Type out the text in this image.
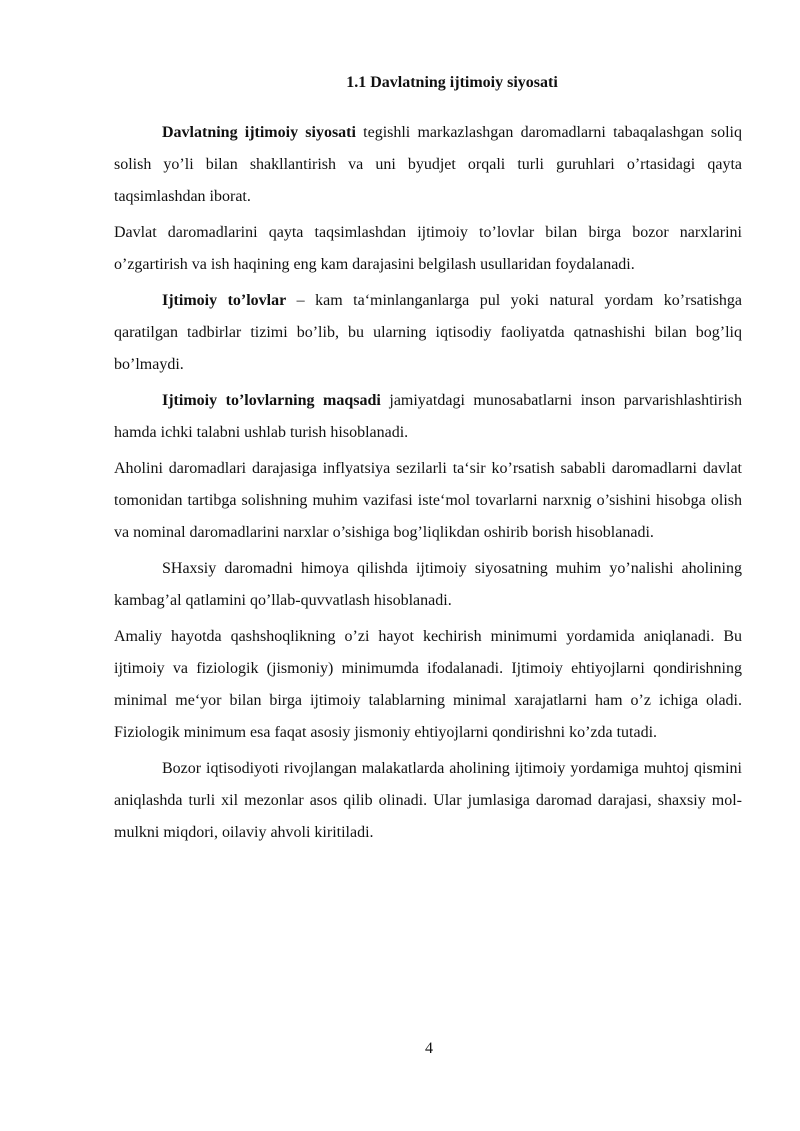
1.1 Davlatning ijtimoiy siyosati

Davlatning ijtimoiy siyosati tegishli markazlashgan daromadlarni tabaqalashgan soliq solish yo’li bilan shakllantirish va uni byudjet orqali turli guruhlari o’rtasidagi qayta taqsimlashdan iborat.

Davlat daromadlarini qayta taqsimlashdan ijtimoiy to’lovlar bilan birga bozor narxlarini o’zgartirish va ish haqining eng kam darajasini belgilash usullaridan foydalanadi.

Ijtimoiy to’lovlar – kam ta‘minlanganlarga pul yoki natural yordam ko’rsatishga qaratilgan tadbirlar tizimi bo’lib, bu ularning iqtisodiy faoliyatda qatnashishi bilan bog’liq bo’lmaydi.

Ijtimoiy to’lovlarning maqsadi jamiyatdagi munosabatlarni inson parvarishlashtirish hamda ichki talabni ushlab turish hisoblanadi.

Aholini daromadlari darajasiga inflyatsiya sezilarli ta‘sir ko’rsatish sababli daromadlarni davlat tomonidan tartibga solishning muhim vazifasi iste‘mol tovarlarni narxnig o’sishini hisobga olish va nominal daromadlarini narxlar o’sishiga bog’liqlikdan oshirib borish hisoblanadi.

SHaxsiy daromadni himoya qilishda ijtimoiy siyosatning muhim yo’nalishi aholining kambag’al qatlamini qo’llab-quvvatlash hisoblanadi.

Amaliy hayotda qashshoqlikning o’zi hayot kechirish minimumi yordamida aniqlanadi. Bu ijtimoiy va fiziologik (jismoniy) minimumda ifodalanadi. Ijtimoiy ehtiyojlarni qondirishning minimal me‘yor bilan birga ijtimoiy talablarning minimal xarajatlarni ham o’z ichiga oladi. Fiziologik minimum esa faqat asosiy jismoniy ehtiyojlarni qondirishni ko’zda tutadi.

Bozor iqtisodiyoti rivojlangan malakatlarda aholining ijtimoiy yordamiga muhtoj qismini aniqlashda turli xil mezonlar asos qilib olinadi. Ular jumlasiga daromad darajasi, shaxsiy mol-mulkni miqdori, oilaviy ahvoli kiritiladi.

4
